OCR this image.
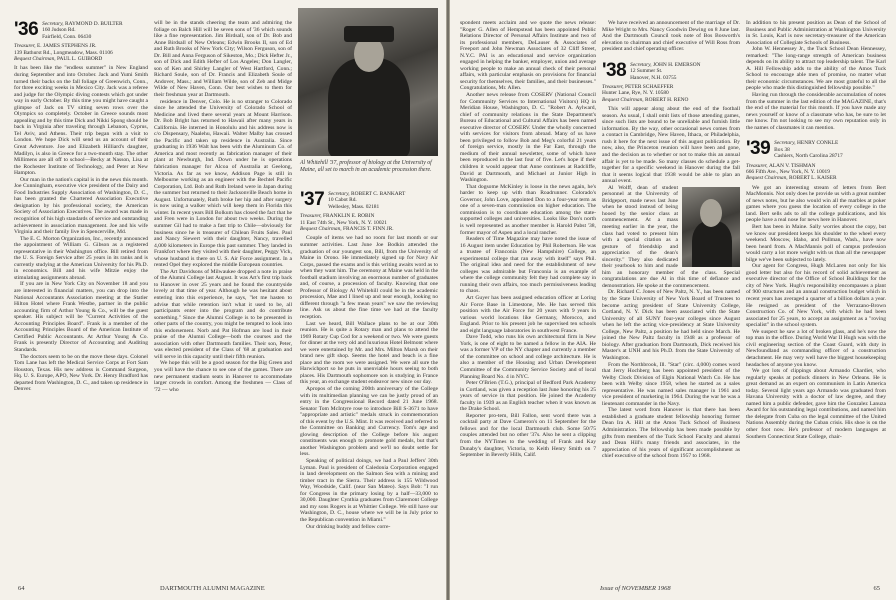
'36 Secretary, RAYMOND D. BUILTER
160 Judson Rd.
Fairfield, Conn. 06430
Treasurer, E. JAMES STEPHENS JR.
139 Bathurst Rd., Longmeadow, Mass. 01106
Bequest Chairman, PAUL L. GUIBORD

It has been like the "endless summer" in New England during September and into October. Jack and Yumi Smith turned their backs on the fall foliage of Greenwich, Conn., for three exciting weeks in Mexico City. Jack was a referee and judge for the Olympic diving contests which got under way in early October. By this time you might have caught a glimpse of Jack on TV sitting seven rows over the Olympics so completely. October in Greece sounds most appealing and by this time Dick and Nikki Spong should be back in Virginia after traveling through Lebanon, Cyprus, Tel Aviv, and Athens. Their trip began with a visit to London. We hope Dick will send us an account of their Great Adventure. Joe and Elizabeth Hilliard's daughter, Madilyn, is also in Greece for a two-month stay. The other Millimens are all off to school—Becky at Nasson, Lisa at the Rochester Institute of Technology, and Peter at New Hampton.

Our man in the nation's capital is in the news this month. Joe Cunningham, executive vice president of the Dairy and Food Industries Supply Association of Washington, D. C., has been granted the Chartered Association Executive designation by his professional society, the American Society of Association Executives. The award was made in recognition of his high standards of service and outstanding achievement in association management. Joe and his wife Virginia and their family live in Spencerville, Md.

The E. C. Morton Organization, Inc., recently announced the appointment of William G. Gibson as a registered representative in their Washington office. Bill retired from the U. S. Foreign Service after 25 years in its ranks and is currently studying at the American University for his Ph.D. in economics. Bill and his wife Mitzie enjoy the stimulating assignments abroad.

If you are in New York City on November 18 and you are interested in financial matters, you can drop into the National Accountants Association meeting at the Statler Hilton Hotel where Frank Westbe, partner in the public accounting firm of Arthur Young & Co., will be the guest speaker. His subject will be "Current Activities of the Accounting Principles Board". Frank is a member of the Accounting Principles Board of the American Institute of Certified Public Accountants. At Arthur Young & Co. Frank is presently Director of Accounting and Auditing Standards.

The doctors seem to be on the move these days. Colonel Tom Lane has left the Medical Service Corps at Fort Sam Houston, Texas. His new address is Command Surgeon, Hq. U. S. Europe, APO, New York. Dr. Henry Bradford has departed from Washington, D. C., and taken up residence in Denver.

will be in the stands cheering the team and admiring the foliage on Balch Hill will be seven sons of '36 which sounds like a fine representation. Jim Birdsall, son of Dr. Bob and Anne Birdsall of New Orleans; Edwin Brooks II, son of Ed and Ruth Brooks of New York City; Wilson Ferguson, son of Dr. Bill and Anna Ferguson of Sikeston, Mo.; Dick Hefter Jr., son of Dick and Edith Hefter of Los Angeles; Don Langler, son of Ken and Shirley Langler of West Hartford, Conn.; Richard Soule, son of Dr. Francis and Elizabeth Soule of Andover, Mass.; and William Wilde, son of Zeb and Midge Wilde of New Haven, Conn. Our best wishes to them for their freshman year at Dartmouth.

residence in Denver, Colo. He is no stranger to Colorado since he attended the University of Colorado School of Medicine and lived there several years at Mount Harrison. Dr. Bob Bright has returned to Hawaii after many years in California. He interned in Honolulu and his address now is c/o Dispensary, Naalehu, Hawaii. Walter Malby has crossed the Pacific and taken up residence in Australia. Since graduating in 1936 Walt has been with the Aluminum Co. of America and most recently as fabrication manager of their plant at Newburgh, Ind. Down under he is operations fabrication manager for Alcoa of Australia at Geelong, Victoria. As far as we know, Addison Page is still in Melbourne working as an engineer with the Bechtel Pacific Corporation, Ltd. Bob and Ruth Ireland were in Japan during the summer but returned to their Jacksonville Beach home in August. Unfortunately, Ruth broke her hip and after surgery is now using a walker which will keep them in Florida this winter. In recent years Bill Bolkum has closed the fact that he and Fren were in London for about two weeks. During the summer Gil had to make a fast trip to Chile—obviously for business since he is treasurer of Chilean Fruits Sales. Paul and Nancy Siewert with their daughter, Nancy, travelled 4,000 kilometers in Europe this past summer. They landed in Frankfort where they visited with their daughter, Peggy Vick, whose husband is there on U. S. Air Force assignment. In a rented Opel they explored the middle European countries.

The Art Davidsons of Milwaukee dropped a note in praise of the Alumni College last August. It was Art's first trip back to Hanover in over 25 years and he found the countryside lovely at that time of year. Although he was hesitant about entering into this experience, he says, "let me hasten to advise that while retention isn't what it used to be, all participants enter into the program and do contribute something." Since the Alumni College is to be presented in other parts of the country, you might be tempted to look into this endorsement. Norb and Pat Hofman are loud in their praise of the Alumni College—both the courses and the association with other Dartmouth families. Their son, Peter, was elected president of the Class of '68 at graduation and will serve in this capacity until their fifth reunion.

We hope this will be a good season for the Big Green and you will have the chance to see one of the games. There are new permanent stadium seats in Hanover to accommodate larger crowds in comfort. Among the freshmen — Class of '72 — who

Al Whitehill '37, professor of biology at the University of Maine, all set to march in an academic procession there.
'37 Secretary, ROBERT C. BANKART
10 Cabot Rd.
Wellesley, Mass. 02181
Treasurer, FRANKLIN E. ROBIN
11 East 74th St., New York, N. Y. 10021
Bequest Chairman, FRANCIS T. FINN JR.

Couple of items we had no room for last month or our summer activities. Last June Joe Bodkin attended the graduation of our youngest son, Bill, from the University of Maine in Orono. He immediately signed up for Navy Air Corps, passed the exams and is this writing awaits word as to when they want him. The ceremony at Maine was held in the football stadium involving an enormous number of graduates and, of course, a procession of faculty. Knowing that one Professor of Biology Al Whitehill could be in the academic procession, Mae and I lined up and near enough, looking no different through "a few mean years" we saw the reviewing line. Ask us about the fine time we had at the faculty reception.

Last we heard, Bill Wallace plans to be at our 30th reunion. He is quite a Rotary man and plans to attend the 1969 Rotary Cup Cod for a weekend or two. We were guests for dinner at the very old and luxurious Hotel Belmont where we were entertained by Mr. and Mrs. Milton Marsh on their brand new gift shop. Seems the hotel and beach is a fine place and the room we were assigned. We were all sure the Harwichport so he puts in unenviable hours seeing to both places. His Dartmouth sophomore son is studying in France this year, an exchange student endeavor new since our day.

Apropos of the coming 200th anniversary of the College with its multimedian planning we can be justly proud of an entry in the Congressional Record dated 21 June 1968. Senator Tom McIntyre rose to introduce Bill S-3671 to have "appropriate and artistic" medals struck in commemoration of this event by the U.S. Mint. It was received and referred to the Committee on Banking and Currency. Tom's age and glowing description of the College before his august constituents was enough to promote gold medals, but that's another Washington problem and we'll no doubt settle for less.

Speaking of political doings, we had a Paul Jeffers' 30th Lyman. Paul is president of Caledonia Corporation engaged in land development on the Salmon Sea with a mining and timber tract in the Sierra. Their address is 155 Wildwood Way, Woodside, Calif. (near San Mateo). Says Bob: "I run for Congress in the primary losing by a half—33,000 to 30,000. Daughter Cynthia graduates from Claremont College and my sons Rogers is at Whittier College. We still have our Washington, D. C., house where we will be in July prior to the Republican convention in Miami."

Our drinking buddy and fellow corre-

64	DARTMOUTH ALUMNI MAGAZINE

spondent meets acclaim and we quote the news release: "Roger G. Allen of Hempstead has been appointed Public Relations Director of Personal Affairs Institute and two of its professional members, DeLauser & Associates of Freeport and John Newman Associates of 32 Cliff Street, N.Y.C. PAI is an educational and service organization engaged in helping the banker, employer, union and average working people to make an annual check of their personal affairs, with particular emphasis on provisions for financial security for themselves, their families, and their businesses." Congratulations, Mr. Allen.

Another news release from COSERV (National Council for Community Services to International Visitors) HQ in Meridian House, Washington, D. C. "Robert A. Aylward, chief of community relations in the State Department's Bureau of Educational and Cultural Affairs has been named executive director of COSERV. Under the wholly concerned with services for visitors from abroad. Many of us have been privileged to follow Bob and Meg's colorful 21 years of foreign service, mostly in the Far East, through the medium of their annual newsletter, some of which have been reproduced in the last four of five. Let's hope if their children it would appear that Anne continues at Radcliffe, David at Dartmouth, and Michael at Junior High in Washington.

That dogsome McKinley is loose in the news again, he's harder to keep up with than Roadrunner. Colorado's Governor, John Love, appointed Don to a four-year term as one of a seven-man commission on higher education. The commission is to coordinate education among the state-supported colleges and universities. Looks like Don's north is well represented as another member is Harold Pabst '38, former mayor of Aspen and a local rancher.

Readers of Time Magazine may have noted the issue of 16 August item under Education by Phil Robertson. He was a trustee of Franconia (New Hampshire) College, an experimental college that ran away with itself" says Phil. The original idea and need for the establishment of new colleges was admirable but Franconia is an example of where the college community felt they had complete say in running their own affairs, too much permissiveness leading to chaos.

Art Guyer has been assigned education officer at Loring Air Force Base in Limestone, Me. He has served this position with the Air Force for 20 years with 9 years in various world locations like Germany, Morocco, and England. Prior to his present job he supervised ten schools and eight language laboratories in southwest France.

Dave Todd, who runs his own architectural firm in New York, is one of eight to be named a fellow in the AIA. He was a former VP of the NY chapter and currently a member of the committee on school and college architecture. He is also a member of the Housing and Urban Development Committee of the Community Service Society and of local Planning Board No. 4 in NYC.

Peter O'Brien (T.G.), principal of Bedford Park Academy in Cortland, was given a reception last June honoring his 25 years of service in that position. He joined the Academy faculty in 1939 as an English teacher when it was known as the Drake School.

Reporter pro-tem, Bill Fallon, sent word there was a cocktail party at Dave Cameron's on 11 September for the fellows and for the local Dartmouth club. Some 50/75 couples attended but no other '37s. Also he sent a clipping from the NYTimes to the wedding of Frank and Kay Dunaby's daughter, Victoria, to Keith Henry Smith on 7 September in Beverly Hills, Calif.

We have received an announcement of the marriage of Dr. Mike Wright to Mrs. Nancy Goodwin Dewing on 8 June last. And the Dartmouth Council took note of Bos Bosworth's elevation to chairman and chief executive of Will Ross from president and chief operating officer.

'38 Secretary, JOHN H. EMERSON
12 Summer St.
Hanover, N.H. 03755
Treasurer, PETER SCHAEFFER
Hunter Lane, Rye, N. Y. 10580
Bequest Chairman, ROBERT H. RENO

This will appear along about the end of the football season. As usual, I shall omit lists of those attending games, since such lists are bound to be unreliable and furnish little information. By the way, other occasional news comes from a contact in Cambridge, New Haven, Ithaca, or Philadelphia, rush it here for the next issue of this august publication. By now, also, the Princeton reunion will have been and gone, and the decision as to whether or not to make this an annual affair is yet to be made. So many classes do schedule a get-together for a specific weekend in Hanover during the fall that it seems logical that 1938 would be able to plan an annual event.

Al Wolff, dean of student personnel at the University of Bridgeport, made news last June when he stood instead of being hooed by the senior class at commencement. At a mass meeting earlier in the year, the class had voted to present him with a special citation as a gesture of friendship and appreciation of the dean's sincerity." They also dedicated their yearbook to him and made him an honorary member of the class. Special congratulations are due Al in this time of defiance and demonstration. He spoke at the commencement.

Dr. Richard C. Jones of New Paltz, N. Y., has been named by the State University of New York Board of Trustees to become acting president of State University College, Cortland, N. Y. Dick has been associated with the State University of all SUNY four-year colleges since August when he left the acting vice-presidency at State University College, New Paltz, a position he had held since March. He joined the New Paltz faculty in 1948 as a professor of biology. After graduation from Dartmouth, Dick received his Master's at UNH and his Ph.D. from the State University of Washington.

From the Northbrook, Ill. "Star" (circ. 4,000) comes word that Jerry Hochberg has been appointed president of the Welby Clock Division of Elgin National Watch Co. He has been with Welby since 1958, when he started as a sales representative. He was named sales manager in 1961 and vice president of marketing in 1964. During the war he was a lieutenant commander in the Navy.

The latest word from Hanover is that there has been established a graduate student fellowship honoring former Dean Ira A. Hill at the Amos Tuck School of Business Administration. The fellowship has been made possible by gifts from members of the Tuck School Faculty and alumni and Dean Hill's many friends and associates, in the appreciation of his years of significant accomplishment as chief executive of the school from 1957 to 1968.

In addition to his present position as Dean of the School of Business and Public Administration at Washington University in St. Louis, Karl is now secretary-treasurer of the American Association of Collegiate Schools of Business.

John W. Hennessey Jr., the Tuck School Dean Hennessey, remarked: "The long-range strength of American business depends on its ability to attract top leadership talent. The Karl A. Hill Fellowship adds to the ability of the Amos Tuck School to encourage able men of promise, no matter what their economic circumstances. We are most grateful to all the people who made this distinguished fellowship possible."

Having run through the considerable accumulation of notes from the summer in the last edition of the MAGAZINE, that's the end of the material for this month. If you have made any news yourself or know of a classmate who has, be sure to let me know. I'm not looking to see my own reputation only in the names of classmates it can mention.

'39 Secretary, HENRY CONKLE
Box 38
Cashiers, North Carolina 28717
Treasurer, ALAN V. TISHMAN
666 Fifth Ave., New York, N. Y. 10019
Bequest Chairman, ROBERT L. KAISER

We got an interesting stream of letters from Bert MacMonnis. Not only does he provide us with a great number of news notes, but he also would win all the marbles at poker games where you guess the location of every college in the land. Bert sells ads to all the college publications, and his people have a real nose for news here in Hanover.

Bert has been in Maine. Sally worries about the copy, but we know our president keeps his shoulder to the wheel every weekend. Moscow, Idaho, and Pullman, Wash., have now been heard from. A MacMannis poll of campus profession would carry a lot more weight with us than all the newspaper bilge we've been subjected to lately.

Our agent for Congress, Hugh McLaren not only for his good letter but also for his record of solid achievement as executive director of the Office of School Buildings for the city of New York. Hugh's responsibility encompasses a plant of 900 structures and an annual construction budget which in recent years has averaged a quarter of a billion dollars a year. He resigned as president of the Verrazano-Brown Construction Co. of New York, with which he had been associated for 25 years, to accept an assignment as a "roving specialist" in the school system.

We suspect he saw a lot of broken glass, and he's now the top man in the office. During World War II Hugh was with the civil engineering section of the Coast Guard, with duty in Newfoundland as commanding officer of a construction detachment. He may very well have the biggest housekeeping headaches of anyone you know.

We got lots of clippings about Armando Chardiet, who regularly speaks at potluck dinners in New Orleans. He is great demand as an expert on communism in Latin America today. Several light years ago Armando was graduated from Havana University with a doctor of law degree, and they named him a public defender, gave him the Gonzalez Lanuza Award for his outstanding legal contributions, and named him the delegate from Cuba on the legal committee of the United Nations Assembly during the Cuban crisis. His shoe is on the other foot now. He's professor of modern languages at Southern Connecticut State College, chair-

Issue of NOVEMBER 1968	65
